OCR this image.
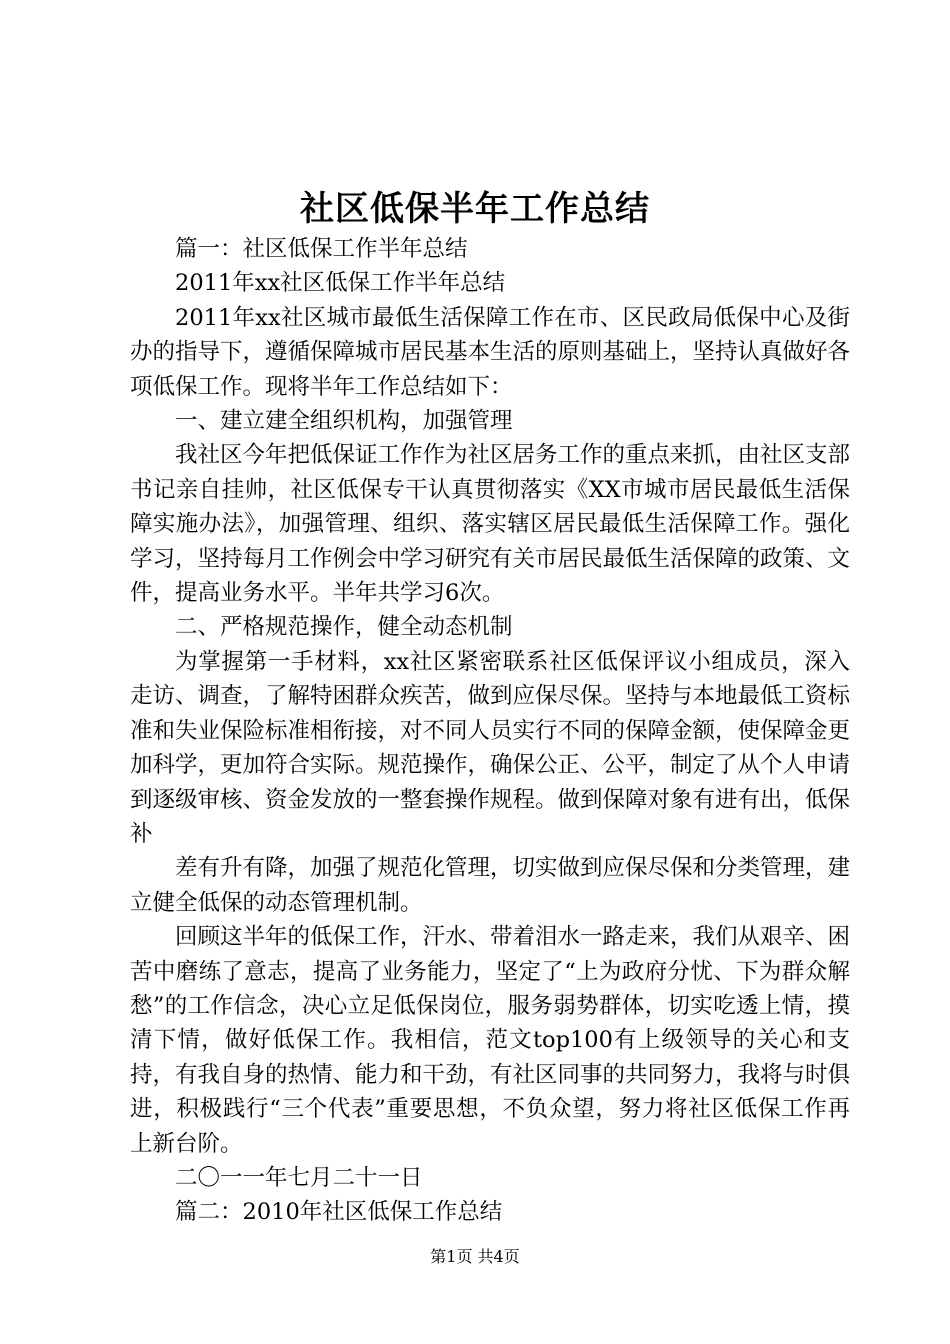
社区低保半年工作总结

篇一：社区低保工作半年总结

2011年xx社区低保工作半年总结

2011年xx社区城市最低生活保障工作在市、区民政局低保中心及街办的指导下，遵循保障城市居民基本生活的原则基础上，坚持认真做好各项低保工作。现将半年工作总结如下：

一、建立建全组织机构，加强管理

我社区今年把低保证工作作为社区居务工作的重点来抓，由社区支部书记亲自挂帅，社区低保专干认真贯彻落实《XX市城市居民最低生活保障实施办法》，加强管理、组织、落实辖区居民最低生活保障工作。强化学习，坚持每月工作例会中学习研究有关市居民最低生活保障的政策、文件，提高业务水平。半年共学习6次。

二、严格规范操作，健全动态机制

为掌握第一手材料，xx社区紧密联系社区低保评议小组成员，深入走访、调查，了解特困群众疾苦，做到应保尽保。坚持与本地最低工资标准和失业保险标准相衔接，对不同人员实行不同的保障金额，使保障金更加科学，更加符合实际。规范操作，确保公正、公平，制定了从个人申请到逐级审核、资金发放的一整套操作规程。做到保障对象有进有出，低保补

差有升有降，加强了规范化管理，切实做到应保尽保和分类管理，建立健全低保的动态管理机制。

回顾这半年的低保工作，汗水、带着泪水一路走来，我们从艰辛、困苦中磨练了意志，提高了业务能力，坚定了“上为政府分忧、下为群众解愁”的工作信念，决心立足低保岗位，服务弱势群体，切实吃透上情，摸清下情，做好低保工作。我相信，范文top100有上级领导的关心和支持，有我自身的热情、能力和干劲，有社区同事的共同努力，我将与时俱进，积极践行“三个代表”重要思想，不负众望，努力将社区低保工作再上新台阶。

二〇一一年七月二十一日

篇二：2010年社区低保工作总结

第1页 共4页
